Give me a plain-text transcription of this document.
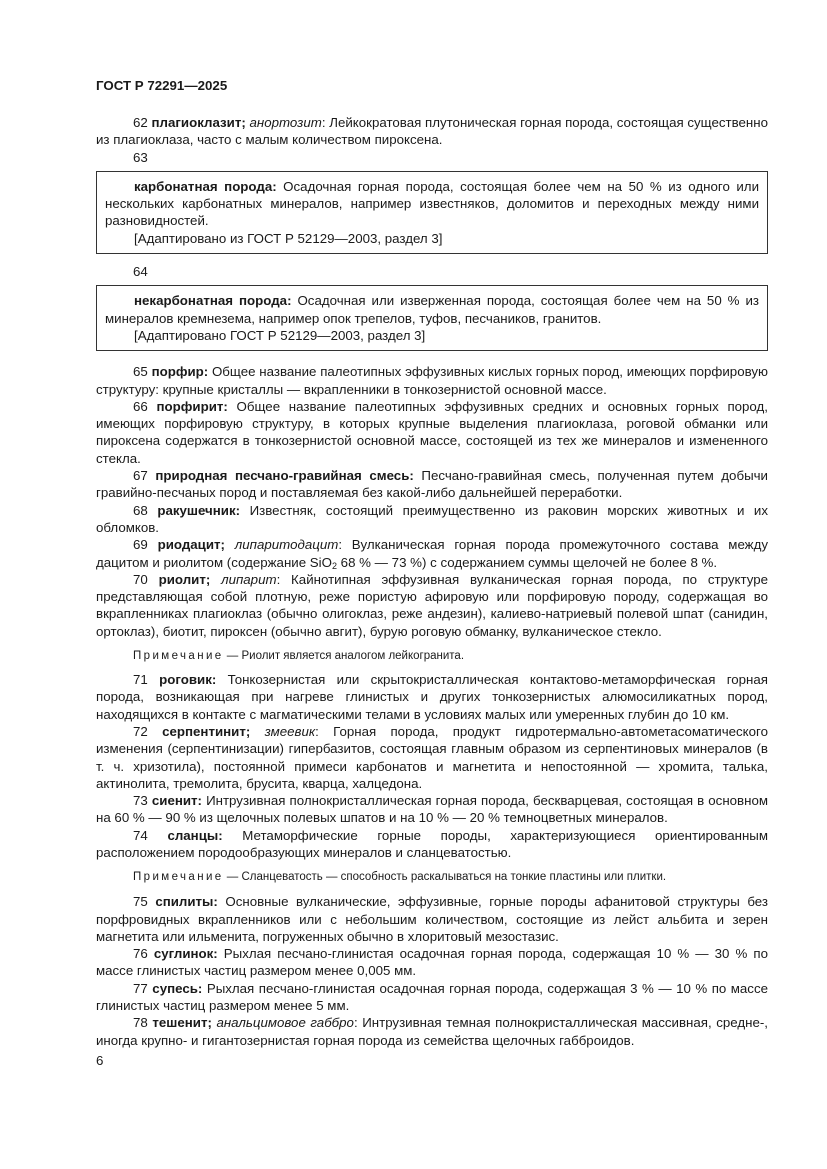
ГОСТ Р 72291—2025

62 плагиоклазит; анортозит: Лейкократовая плутоническая горная порода, состоящая существенно из плагиоклаза, часто с малым количеством пироксена.

63

карбонатная порода: Осадочная горная порода, состоящая более чем на 50 % из одного или нескольких карбонатных минералов, например известняков, доломитов и переходных между ними разновидностей.

[Адаптировано из ГОСТ Р 52129—2003, раздел 3]

64

некарбонатная порода: Осадочная или изверженная порода, состоящая более чем на 50 % из минералов кремнезема, например опок трепелов, туфов, песчаников, гранитов.

[Адаптировано ГОСТ Р 52129—2003, раздел 3]

65 порфир: Общее название палеотипных эффузивных кислых горных пород, имеющих порфировую структуру: крупные кристаллы — вкрапленники в тонкозернистой основной массе.

66 порфирит: Общее название палеотипных эффузивных средних и основных горных пород, имеющих порфировую структуру, в которых крупные выделения плагиоклаза, роговой обманки или пироксена содержатся в тонкозернистой основной массе, состоящей из тех же минералов и измененного стекла.

67 природная песчано-гравийная смесь: Песчано-гравийная смесь, полученная путем добычи гравийно-песчаных пород и поставляемая без какой-либо дальнейшей переработки.

68 ракушечник: Известняк, состоящий преимущественно из раковин морских животных и их обломков.

69 риодацит; липаритодацит: Вулканическая горная порода промежуточного состава между дацитом и риолитом (содержание SiO$_2$ 68 % — 73 %) с содержанием суммы щелочей не более 8 %.

70 риолит; липарит: Кайнотипная эффузивная вулканическая горная порода, по структуре представляющая собой плотную, реже пористую афировую или порфировую породу, содержащая во вкрапленниках плагиоклаз (обычно олигоклаз, реже андезин), калиево-натриевый полевой шпат (санидин, ортоклаз), биотит, пироксен (обычно авгит), бурую роговую обманку, вулканическое стекло.

Примечание — Риолит является аналогом лейкогранита.

71 роговик: Тонкозернистая или скрытокристаллическая контактово-метаморфическая горная порода, возникающая при нагреве глинистых и других тонкозернистых алюмосиликатных пород, находящихся в контакте с магматическими телами в условиях малых или умеренных глубин до 10 км.

72 серпентинит; змеевик: Горная порода, продукт гидротермально-автометасоматического изменения (серпентинизации) гипербазитов, состоящая главным образом из серпентиновых минералов (в т. ч. хризотила), постоянной примеси карбонатов и магнетита и непостоянной — хромита, талька, актинолита, тремолита, брусита, кварца, халцедона.

73 сиенит: Интрузивная полнокристаллическая горная порода, бескварцевая, состоящая в основном на 60 % — 90 % из щелочных полевых шпатов и на 10 % — 20 % темноцветных минералов.

74 сланцы: Метаморфические горные породы, характеризующиеся ориентированным расположением породообразующих минералов и сланцеватостью.

Примечание — Сланцеватость — способность раскалываться на тонкие пластины или плитки.

75 спилиты: Основные вулканические, эффузивные, горные породы афанитовой структуры без порфровидных вкрапленников или с небольшим количеством, состоящие из лейст альбита и зерен магнетита или ильменита, погруженных обычно в хлоритовый мезостазис.

76 суглинок: Рыхлая песчано-глинистая осадочная горная порода, содержащая 10 % — 30 % по массе глинистых частиц размером менее 0,005 мм.

77 супесь: Рыхлая песчано-глинистая осадочная горная порода, содержащая 3 % — 10 % по массе глинистых частиц размером менее 5 мм.

78 тешенит; анальцимовое габбро: Интрузивная темная полнокристаллическая массивная, средне-, иногда крупно- и гигантозернистая горная порода из семейства щелочных габброидов.

6
